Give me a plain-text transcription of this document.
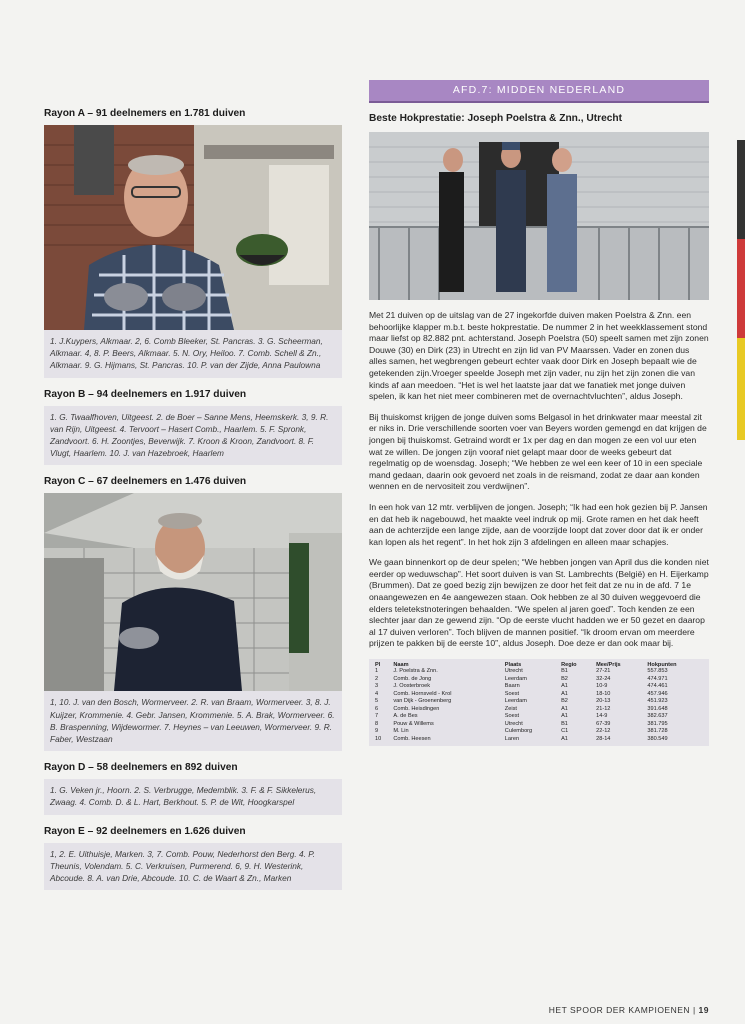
Rayon A – 91 deelnemers en 1.781 duiven

1. J.Kuypers, Alkmaar. 2, 6. Comb Bleeker, St. Pancras. 3. G. Scheerman, Alkmaar. 4, 8. P. Beers, Alkmaar. 5. N. Ory, Heiloo. 7. Comb. Schell & Zn., Alkmaar. 9. G. Hijmans, St. Pancras. 10. P. van der Zijde, Anna Paulowna

Rayon B – 94 deelnemers en 1.917 duiven

1. G. Twaalfhoven, Uitgeest. 2. de Boer – Sanne Mens, Heemskerk. 3, 9. R. van Rijn, Uitgeest. 4. Tervoort – Hasert Comb., Haarlem. 5. F. Spronk, Zandvoort. 6. H. Zoontjes, Beverwijk. 7. Kroon & Kroon, Zandvoort. 8. F. Vlugt, Haarlem. 10. J. van Hazebroek, Haarlem

Rayon C – 67 deelnemers en 1.476 duiven

1, 10. J. van den Bosch, Wormerveer. 2. R. van Braam, Wormerveer. 3, 8. J. Kuijzer, Krommenie. 4. Gebr. Jansen, Krommenie. 5. A. Brak, Wormerveer. 6. B. Braspenning, Wijdewormer. 7. Heynes – van Leeuwen, Wormerveer. 9. R. Faber, Westzaan

Rayon D – 58 deelnemers en 892 duiven

1. G. Veken jr., Hoorn. 2. S. Verbrugge, Medemblik. 3. F. & F. Sikkelerus, Zwaag. 4. Comb. D. & L. Hart, Berkhout. 5. P. de Wit, Hoogkarspel

Rayon E – 92 deelnemers en 1.626 duiven

1, 2. E. Uithuisje, Marken. 3, 7. Comb. Pouw, Nederhorst den Berg. 4. P. Theunis, Volendam. 5. C. Verkruisen, Purmerend. 6, 9. H. Westerink, Abcoude. 8. A. van Drie, Abcoude. 10. C. de Waart & Zn., Marken

AFD.7: MIDDEN NEDERLAND
Beste Hokprestatie: Joseph Poelstra & Znn., Utrecht

Met 21 duiven op de uitslag van de 27 ingekorfde duiven maken Poelstra & Znn. een behoorlijke klapper m.b.t. beste hokprestatie. De nummer 2 in het weekklassement stond maar liefst op 82.882 pnt. achterstand. Joseph Poelstra (50) speelt samen met zijn zonen Douwe (30) en Dirk (23) in Utrecht en zijn lid van PV Maarssen. Vader en zonen dus alles samen, het wegbrengen gebeurt echter vaak door Dirk en Joseph bepaalt wie de getekenden zijn.Vroeger speelde Joseph met zijn vader, nu zijn het zijn zonen die van kinds af aan meedoen. “Het is wel het laatste jaar dat we fanatiek met jonge duiven spelen, ik kan het niet meer combineren met de overnachtvluchten”, aldus Joseph.

Bij thuiskomst krijgen de jonge duiven soms Belgasol in het drinkwater maar meestal zit er niks in. Drie verschillende soorten voer van Beyers worden gemengd en dat krijgen de jongen bij thuiskomst. Getraind wordt er 1x per dag en dan mogen ze een vol uur eten wat ze willen. De jongen zijn vooraf niet gelapt maar door de weeks gebeurt dat regelmatig op de woensdag. Joseph; “We hebben ze wel een keer of 10 in een speciale mand gedaan, daarin ook gevoerd net zoals in de reismand, zodat ze daar aan konden wennen en de nervositeit zou verdwijnen”.

In een hok van 12 mtr. verblijven de jongen. Joseph; “Ik had een hok gezien bij P. Jansen en dat heb ik nagebouwd, het maakte veel indruk op mij. Grote ramen en het dak heeft aan de achterzijde een lange zijde, aan de voorzijde loopt dat zover door dat ik er onder kan lopen als het regent”. In het hok zijn 3 afdelingen en alleen maar schapjes.

We gaan binnenkort op de deur spelen; “We hebben jongen van April dus die konden niet eerder op weduwschap”. Het soort duiven is van St. Lambrechts (België) en H. Eijerkamp (Brummen). Dat ze goed bezig zijn bewijzen ze door het feit dat ze nu in de afd. 7 1e onaangewezen en 4e aangewezen staan. Ook hebben ze al 30 duiven weggevoerd die elders teletekstnoteringen behaalden. “We spelen al jaren goed”. Toch kenden ze een slechter jaar dan ze gewend zijn. “Op de eerste vlucht hadden we er 50 gezet en daarop al 17 duiven verloren”. Toch blijven de mannen positief. “Ik droom ervan om meerdere prijzen te pakken bij de eerste 10”, aldus Joseph. Doe deze er dan ook maar bij.

Pl	Naam	Plaats	Regio	Mee/Prijs	Hokpunten
1	J. Poelstra & Znn.	Utrecht	B1	27-21	557.853
2	Comb. de Jong	Leerdam	B2	32-24	474.971
3	J. Oosterbroek	Baarn	A1	10-9	474.461
4	Comb. Hornsveld - Krol	Soest	A1	18-10	457.946
5	van Dijk - Groenenberg	Leerdam	B2	20-13	451.923
6	Comb. Heisdingen	Zeist	A1	21-12	391.648
7	A. de Bes	Soest	A1	14-9	382.637
8	Pouw & Willems	Utrecht	B1	67-39	381.795
9	M. Lin	Culemborg	C1	22-12	381.728
10	Comb. Heesen	Laren	A1	28-14	380.549
HET SPOOR DER KAMPIOENEN | 19
